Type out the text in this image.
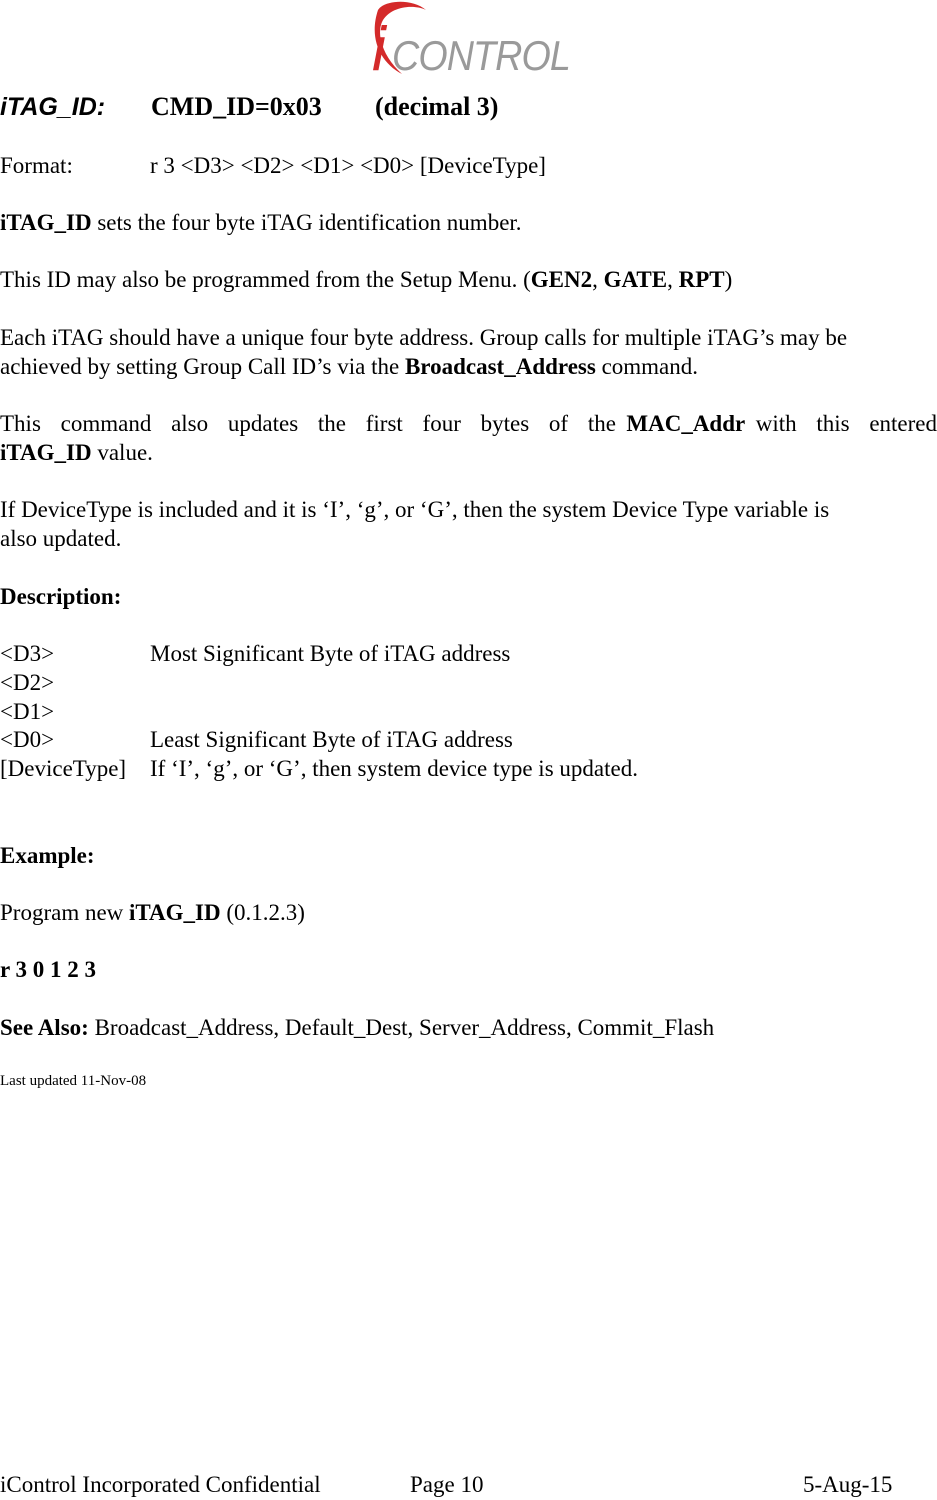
i CONTROL
iTAG_ID: CMD_ID=0x03 (decimal 3)
Format:	r 3 <D3> <D2> <D1> <D0> [DeviceType]
iTAG_ID sets the four byte iTAG identification number.
This ID may also be programmed from the Setup Menu. (GEN2, GATE, RPT)
Each iTAG should have a unique four byte address. Group calls for multiple iTAG’s may be
achieved by setting Group Call ID’s via the Broadcast_Address command.
This command also updates the first four bytes of the MAC_Addr with this entered
iTAG_ID value.
If DeviceType is included and it is ‘I’, ‘g’, or ‘G’, then the system Device Type variable is
also updated.
Description:
<D3>	Most Significant Byte of iTAG address
<D2>
<D1>
<D0>	Least Significant Byte of iTAG address
[DeviceType] If ‘I’, ‘g’, or ‘G’, then system device type is updated.
Example:
Program new iTAG_ID (0.1.2.3)
r 3 0 1 2 3
See Also: Broadcast_Address, Default_Dest, Server_Address, Commit_Flash
Last updated 11-Nov-08
iControl Incorporated Confidential	Page 10	5-Aug-15
